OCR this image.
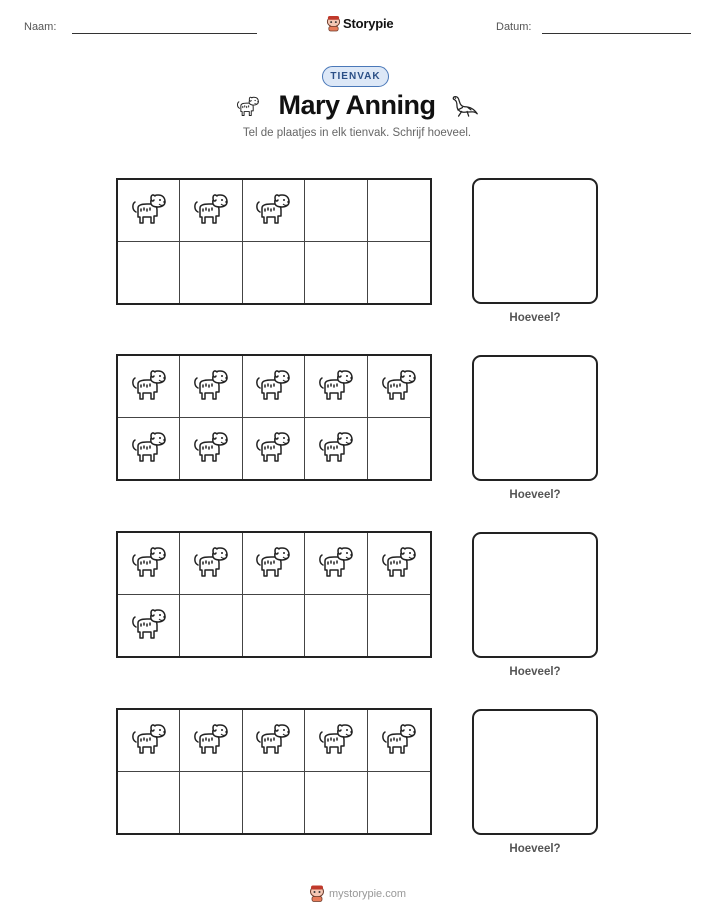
Naam:	Storypie	Datum:
TIENVAK
Mary Anning
Tel de plaatjes in elk tienvak. Schrijf hoeveel.
Hoeveel?
Hoeveel?
Hoeveel?
Hoeveel?
mystorypie.com
